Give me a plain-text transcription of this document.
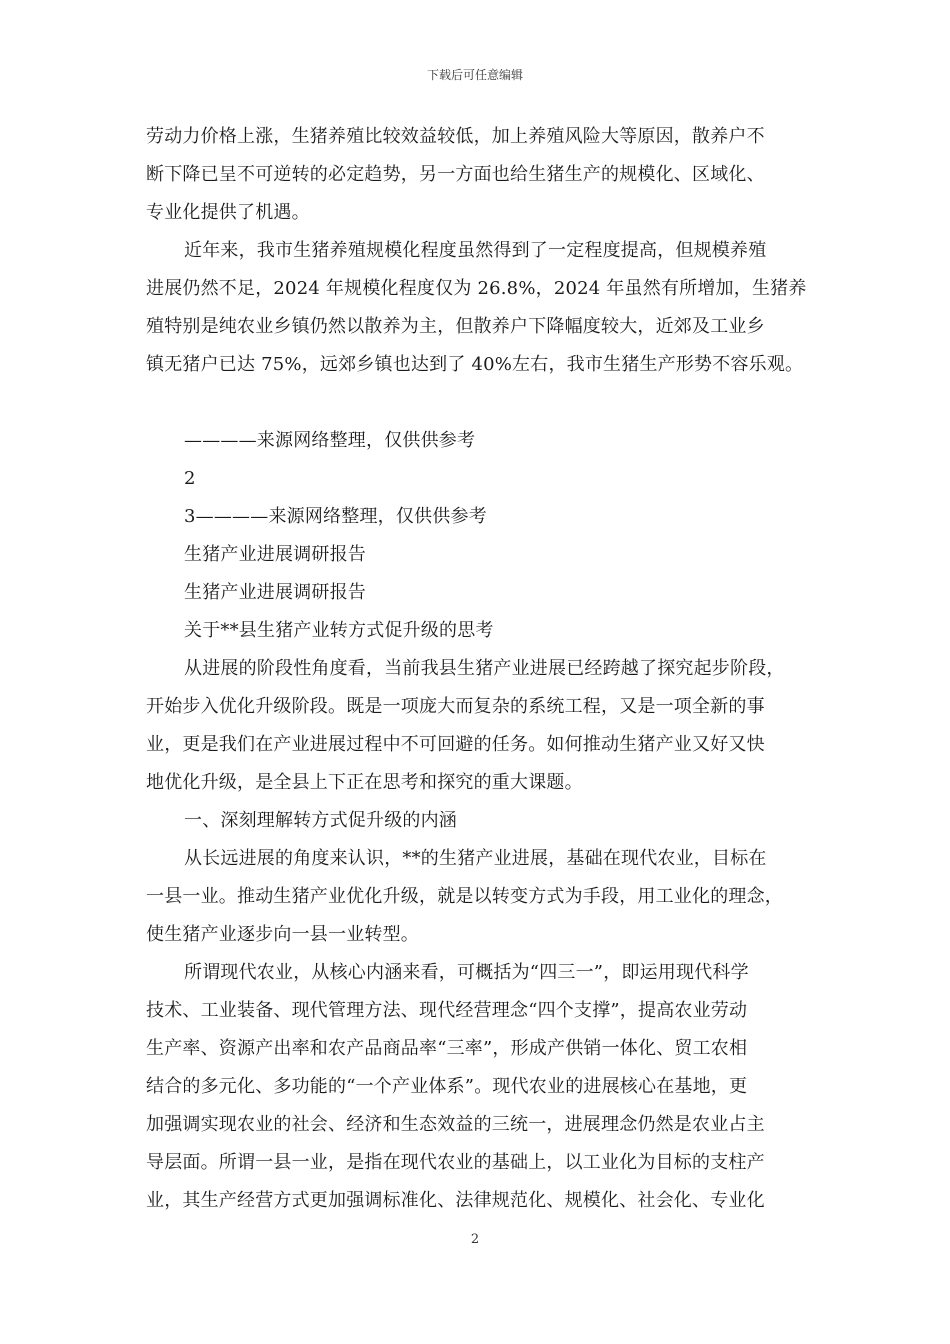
下载后可任意编辑
劳动力价格上涨，生猪养殖比较效益较低，加上养殖风险大等原因，散养户不
断下降已呈不可逆转的必定趋势，另一方面也给生猪生产的规模化、区域化、
专业化提供了机遇。
近年来，我市生猪养殖规模化程度虽然得到了一定程度提高，但规模养殖
进展仍然不足，2024 年规模化程度仅为 26.8%，2024 年虽然有所增加，生猪养
殖特别是纯农业乡镇仍然以散养为主，但散养户下降幅度较大，近郊及工业乡
镇无猪户已达 75%，远郊乡镇也达到了 40%左右，我市生猪生产形势不容乐观。
————来源网络整理，仅供供参考
2
3————来源网络整理，仅供供参考
生猪产业进展调研报告
生猪产业进展调研报告
关于**县生猪产业转方式促升级的思考
从进展的阶段性角度看，当前我县生猪产业进展已经跨越了探究起步阶段，
开始步入优化升级阶段。既是一项庞大而复杂的系统工程，又是一项全新的事
业，更是我们在产业进展过程中不可回避的任务。如何推动生猪产业又好又快
地优化升级，是全县上下正在思考和探究的重大课题。
一、深刻理解转方式促升级的内涵
从长远进展的角度来认识，**的生猪产业进展，基础在现代农业，目标在
一县一业。推动生猪产业优化升级，就是以转变方式为手段，用工业化的理念，
使生猪产业逐步向一县一业转型。
所谓现代农业，从核心内涵来看，可概括为“四三一”，即运用现代科学
技术、工业装备、现代管理方法、现代经营理念“四个支撑”，提高农业劳动
生产率、资源产出率和农产品商品率“三率”，形成产供销一体化、贸工农相
结合的多元化、多功能的“一个产业体系”。现代农业的进展核心在基地，更
加强调实现农业的社会、经济和生态效益的三统一，进展理念仍然是农业占主
导层面。所谓一县一业，是指在现代农业的基础上，以工业化为目标的支柱产
业，其生产经营方式更加强调标准化、法律规范化、规模化、社会化、专业化
2
